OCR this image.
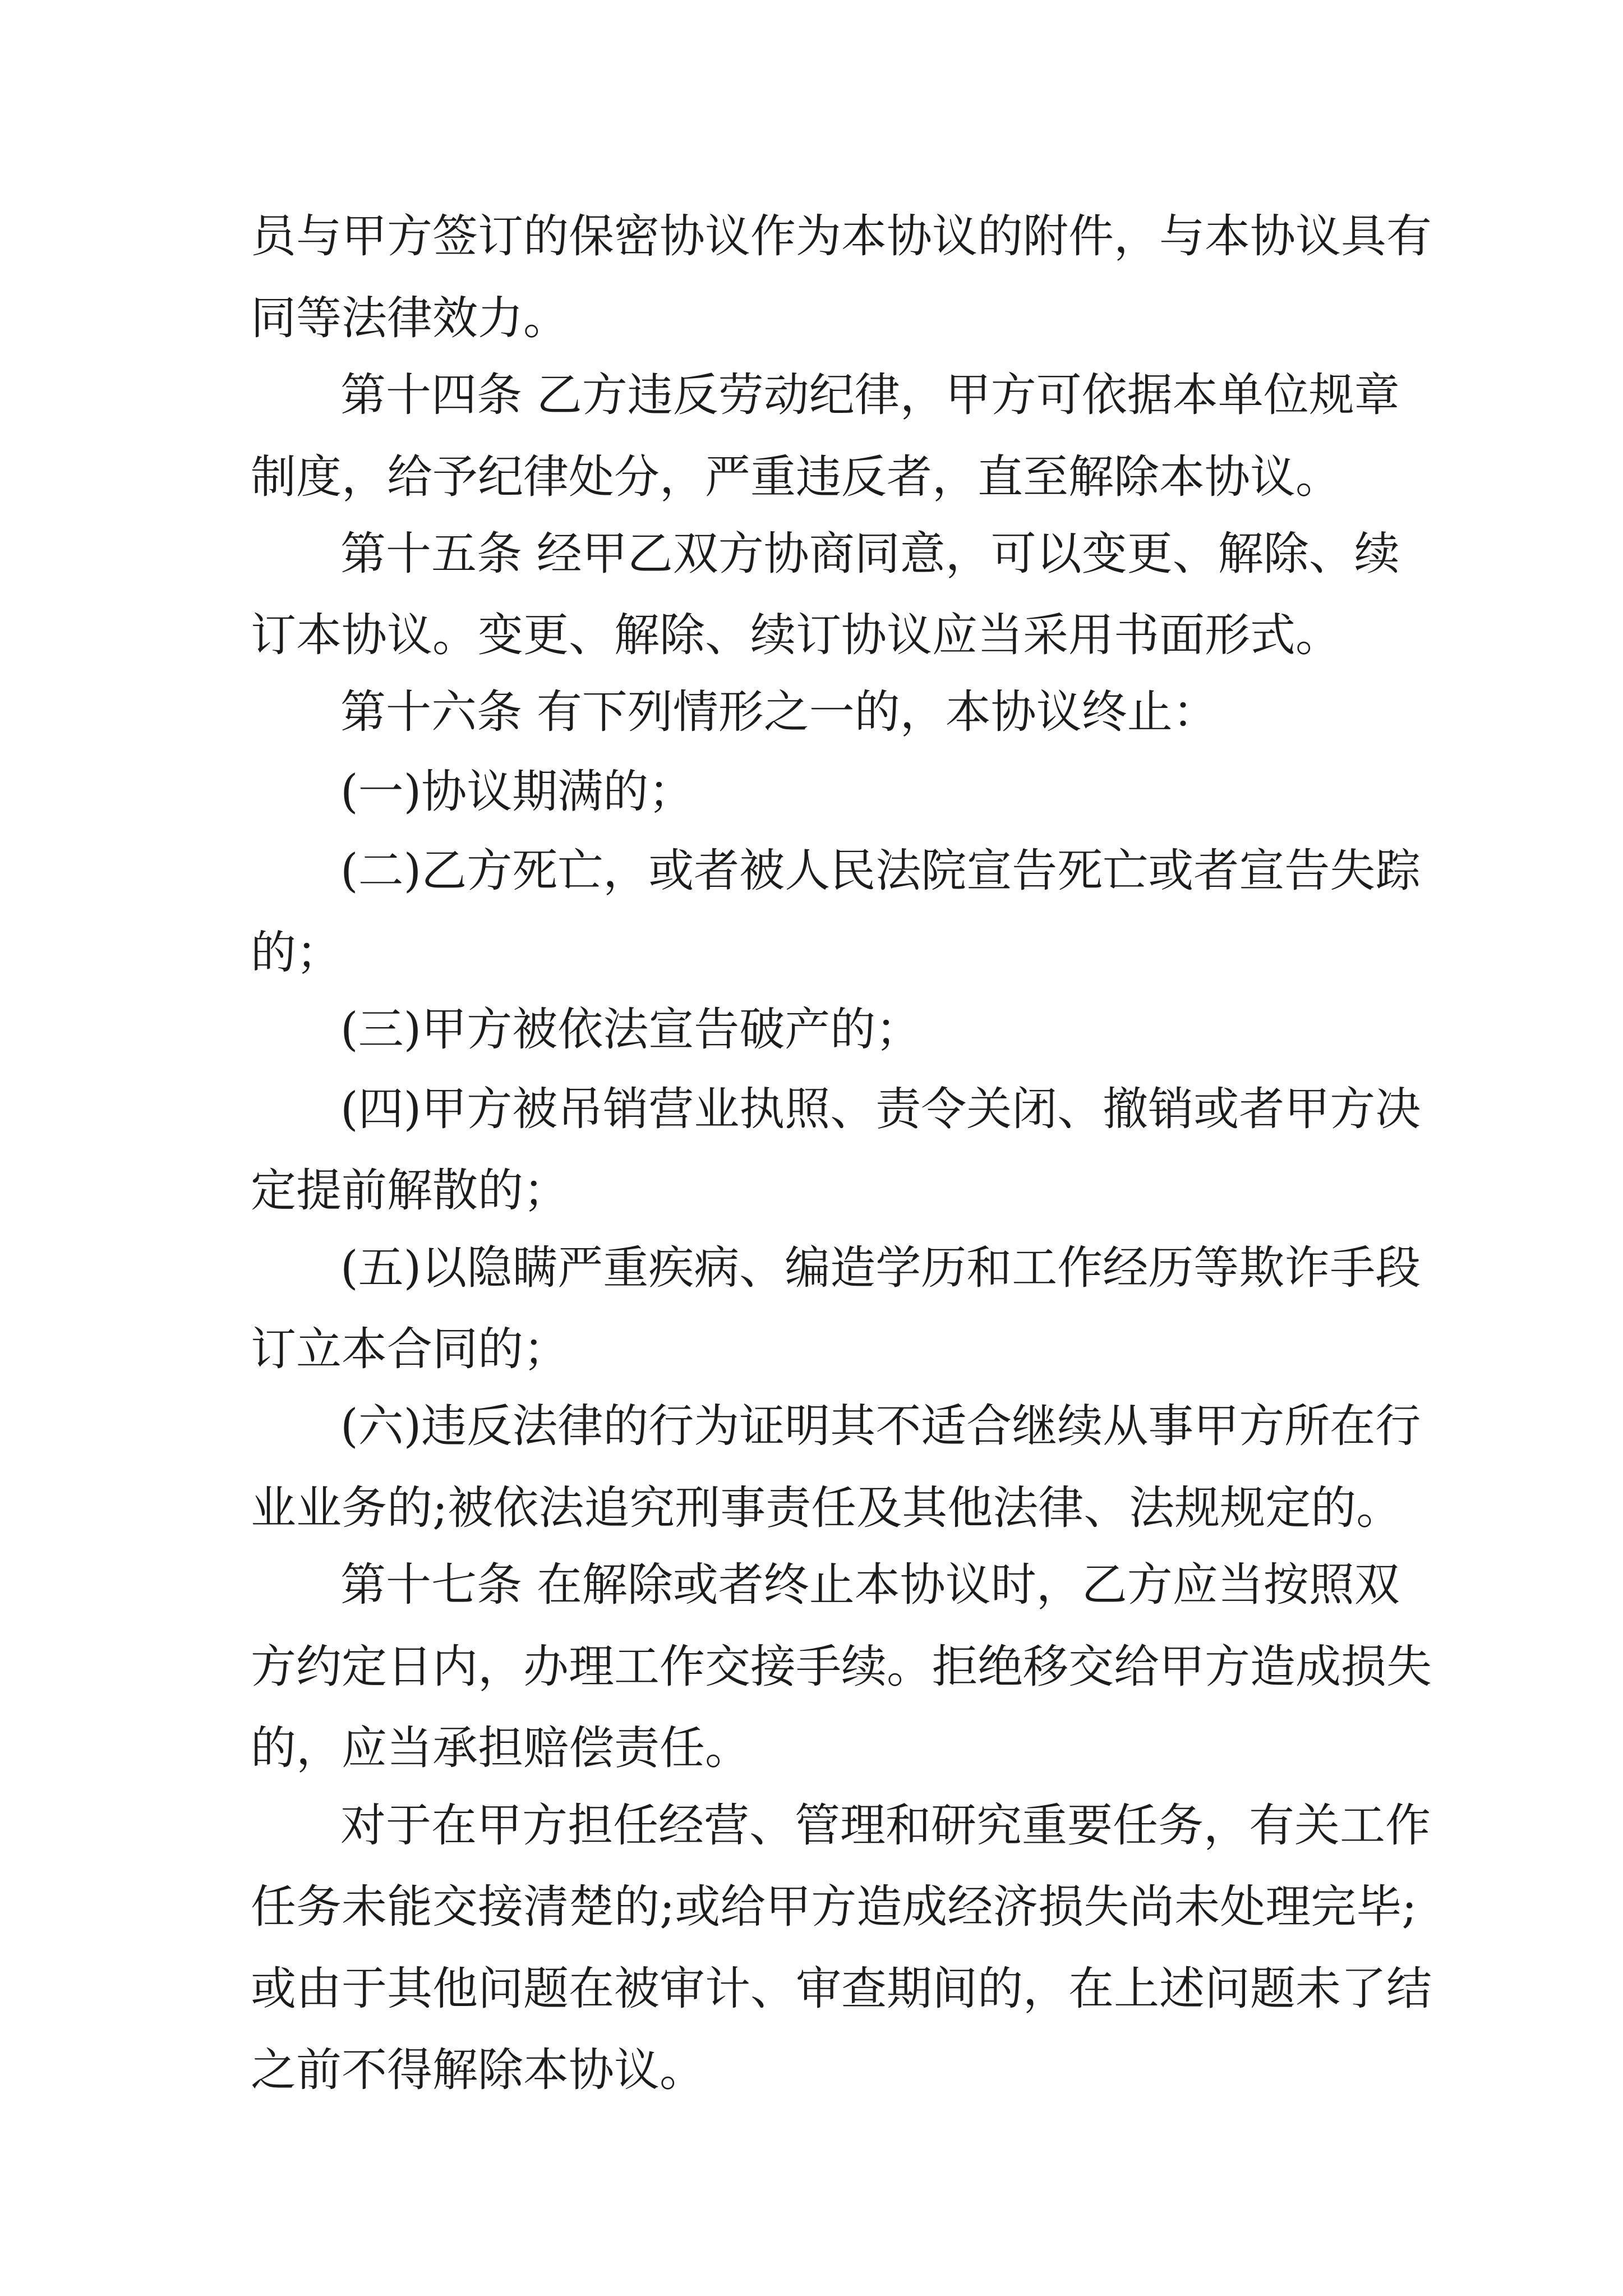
员与甲方签订的保密协议作为本协议的附件，与本协议具有
同等法律效力。
第十四条 乙方违反劳动纪律，甲方可依据本单位规章
制度，给予纪律处分，严重违反者，直至解除本协议。
第十五条 经甲乙双方协商同意，可以变更、解除、续
订本协议。变更、解除、续订协议应当采用书面形式。
第十六条 有下列情形之一的，本协议终止：
(一)协议期满的；
(二)乙方死亡，或者被人民法院宣告死亡或者宣告失踪
的；
(三)甲方被依法宣告破产的；
(四)甲方被吊销营业执照、责令关闭、撤销或者甲方决
定提前解散的；
(五)以隐瞒严重疾病、编造学历和工作经历等欺诈手段
订立本合同的；
(六)违反法律的行为证明其不适合继续从事甲方所在行
业业务的;被依法追究刑事责任及其他法律、法规规定的。
第十七条 在解除或者终止本协议时，乙方应当按照双
方约定日内，办理工作交接手续。拒绝移交给甲方造成损失
的，应当承担赔偿责任。
对于在甲方担任经营、管理和研究重要任务，有关工作
任务未能交接清楚的;或给甲方造成经济损失尚未处理完毕;
或由于其他问题在被审计、审查期间的，在上述问题未了结
之前不得解除本协议。
